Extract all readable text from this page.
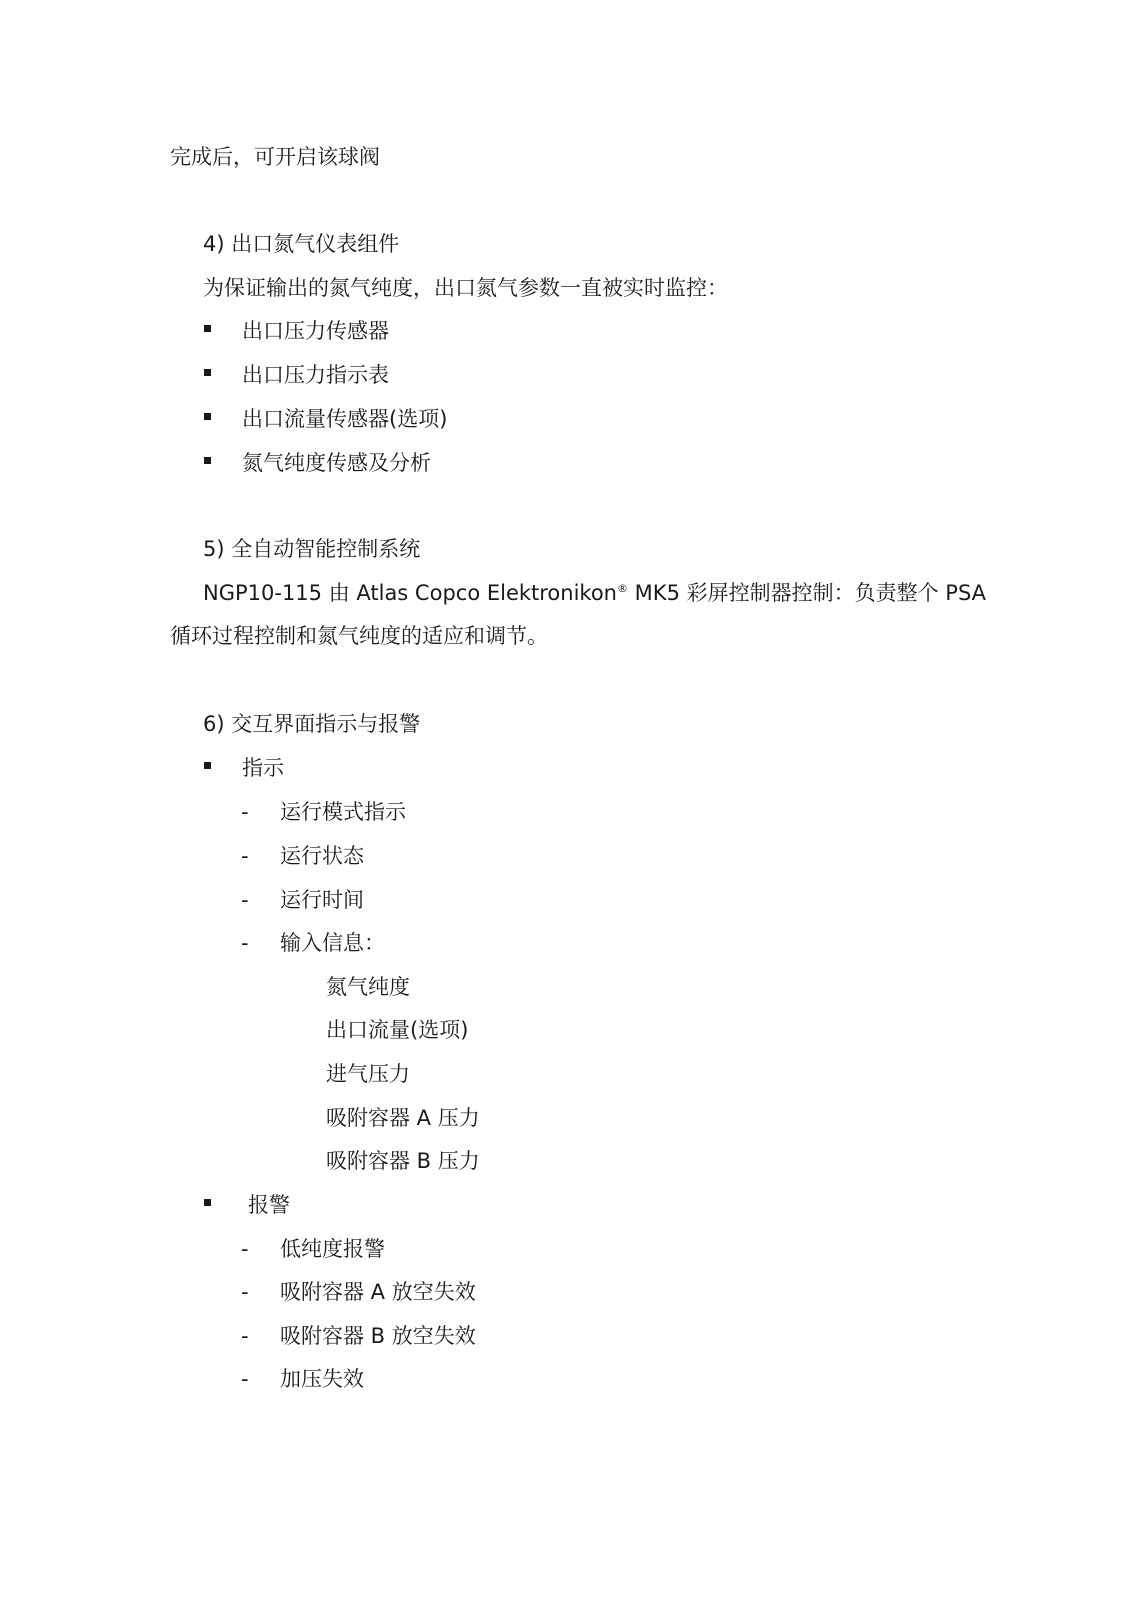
完成后，可开启该球阀
4) 出口氮气仪表组件
为保证输出的氮气纯度，出口氮气参数一直被实时监控：
出口压力传感器
出口压力指示表
出口流量传感器(选项)
氮气纯度传感及分析
5) 全自动智能控制系统
NGP10-115 由 Atlas Copco Elektronikon® MK5 彩屏控制器控制：负责整个 PSA
循环过程控制和氮气纯度的适应和调节。
6) 交互界面指示与报警
指示
- 运行模式指示
- 运行状态
- 运行时间
- 输入信息：
氮气纯度
出口流量(选项)
进气压力
吸附容器 A 压力
吸附容器 B 压力
报警
- 低纯度报警
- 吸附容器 A 放空失效
- 吸附容器 B 放空失效
- 加压失效
